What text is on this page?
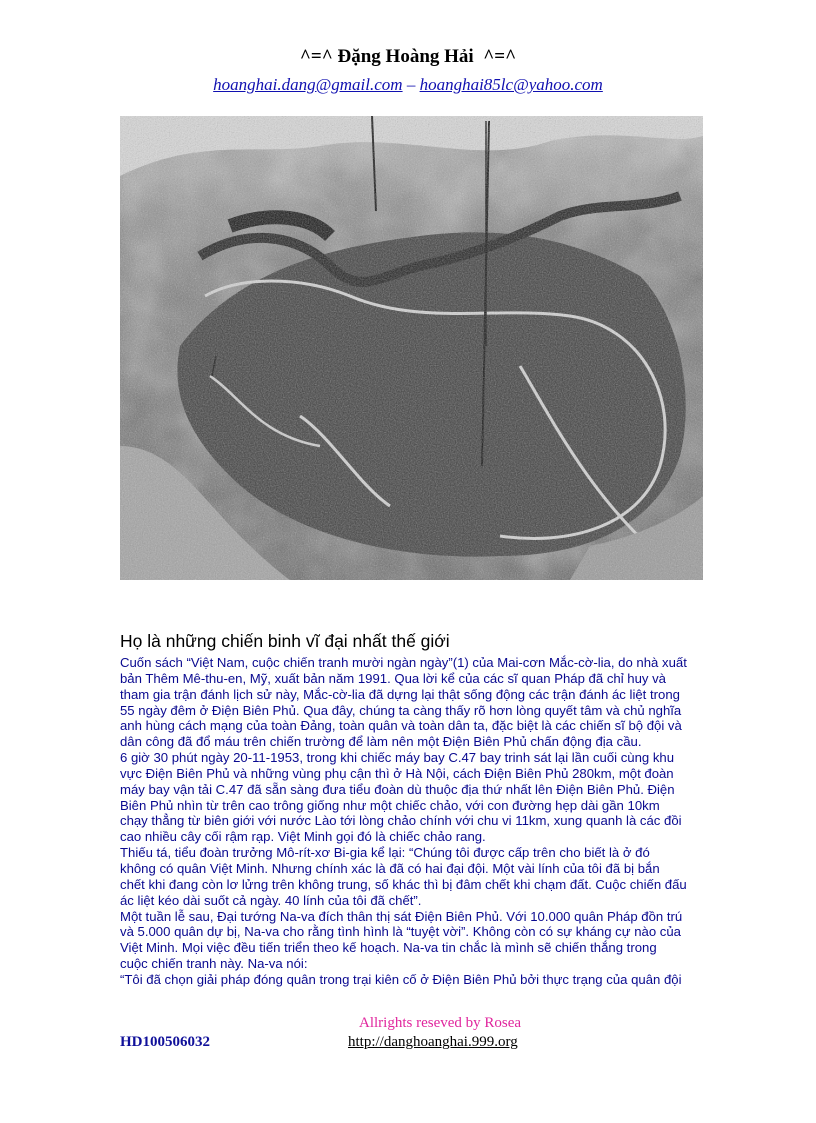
^=^ Đặng Hoàng Hải  ^=^
hoanghai.dang@gmail.com – hoanghai85lc@yahoo.com
Họ là những chiến binh vĩ đại nhất thế giới
Cuốn sách “Việt Nam, cuộc chiến tranh mười ngàn ngày”(1) của Mai-cơn Mắc-cờ-lia, do nhà xuất
bản Thêm Mê-thu-en, Mỹ, xuất bản năm 1991. Qua lời kể của các sĩ quan Pháp đã chỉ huy và
tham gia trận đánh lịch sử này, Mắc-cờ-lia đã dựng lại thật sống động các trận đánh ác liệt trong
55 ngày đêm ở Điện Biên Phủ. Qua đây, chúng ta càng thấy rõ hơn lòng quyết tâm và chủ nghĩa
anh hùng cách mạng của toàn Đảng, toàn quân và toàn dân ta, đặc biệt là các chiến sĩ bộ đội và
dân công đã đổ máu trên chiến trường để làm nên một Điện Biên Phủ chấn động địa cầu.
6 giờ 30 phút ngày 20-11-1953, trong khi chiếc máy bay C.47 bay trinh sát lại lần cuối cùng khu
vực Điện Biên Phủ và những vùng phụ cận thì ở Hà Nội, cách Điện Biên Phủ 280km, một đoàn
máy bay vận tải C.47 đã sẵn sàng đưa tiểu đoàn dù thuộc địa thứ nhất lên Điện Biên Phủ. Điện
Biên Phủ nhìn từ trên cao trông giống như một chiếc chảo, với con đường hẹp dài gần 10km
chạy thẳng từ biên giới với nước Lào tới lòng chảo chính với chu vi 11km, xung quanh là các đồi
cao nhiều cây cối rậm rạp. Việt Minh gọi đó là chiếc chảo rang.
Thiếu tá, tiểu đoàn trưởng Mô-rít-xơ Bi-gia kể lại: “Chúng tôi được cấp trên cho biết là ở đó
không có quân Việt Minh. Nhưng chính xác là đã có hai đại đội. Một vài lính của tôi đã bị bắn
chết khi đang còn lơ lửng trên không trung, số khác thì bị đâm chết khi chạm đất. Cuộc chiến đấu
ác liệt kéo dài suốt cả ngày. 40 lính của tôi đã chết”.
Một tuần lễ sau, Đại tướng Na-va đích thân thị sát Điện Biên Phủ. Với 10.000 quân Pháp đồn trú
và 5.000 quân dự bị, Na-va cho rằng tình hình là “tuyệt vời”. Không còn có sự kháng cự nào của
Việt Minh. Mọi việc đều tiến triển theo kế hoạch. Na-va tin chắc là mình sẽ chiến thắng trong
cuộc chiến tranh này. Na-va nói:
“Tôi đã chọn giải pháp đóng quân trong trại kiên cố ở Điện Biên Phủ bởi thực trạng của quân đội
Allrights reseved by Rosea
HD100506032	http://danghoanghai.999.org
